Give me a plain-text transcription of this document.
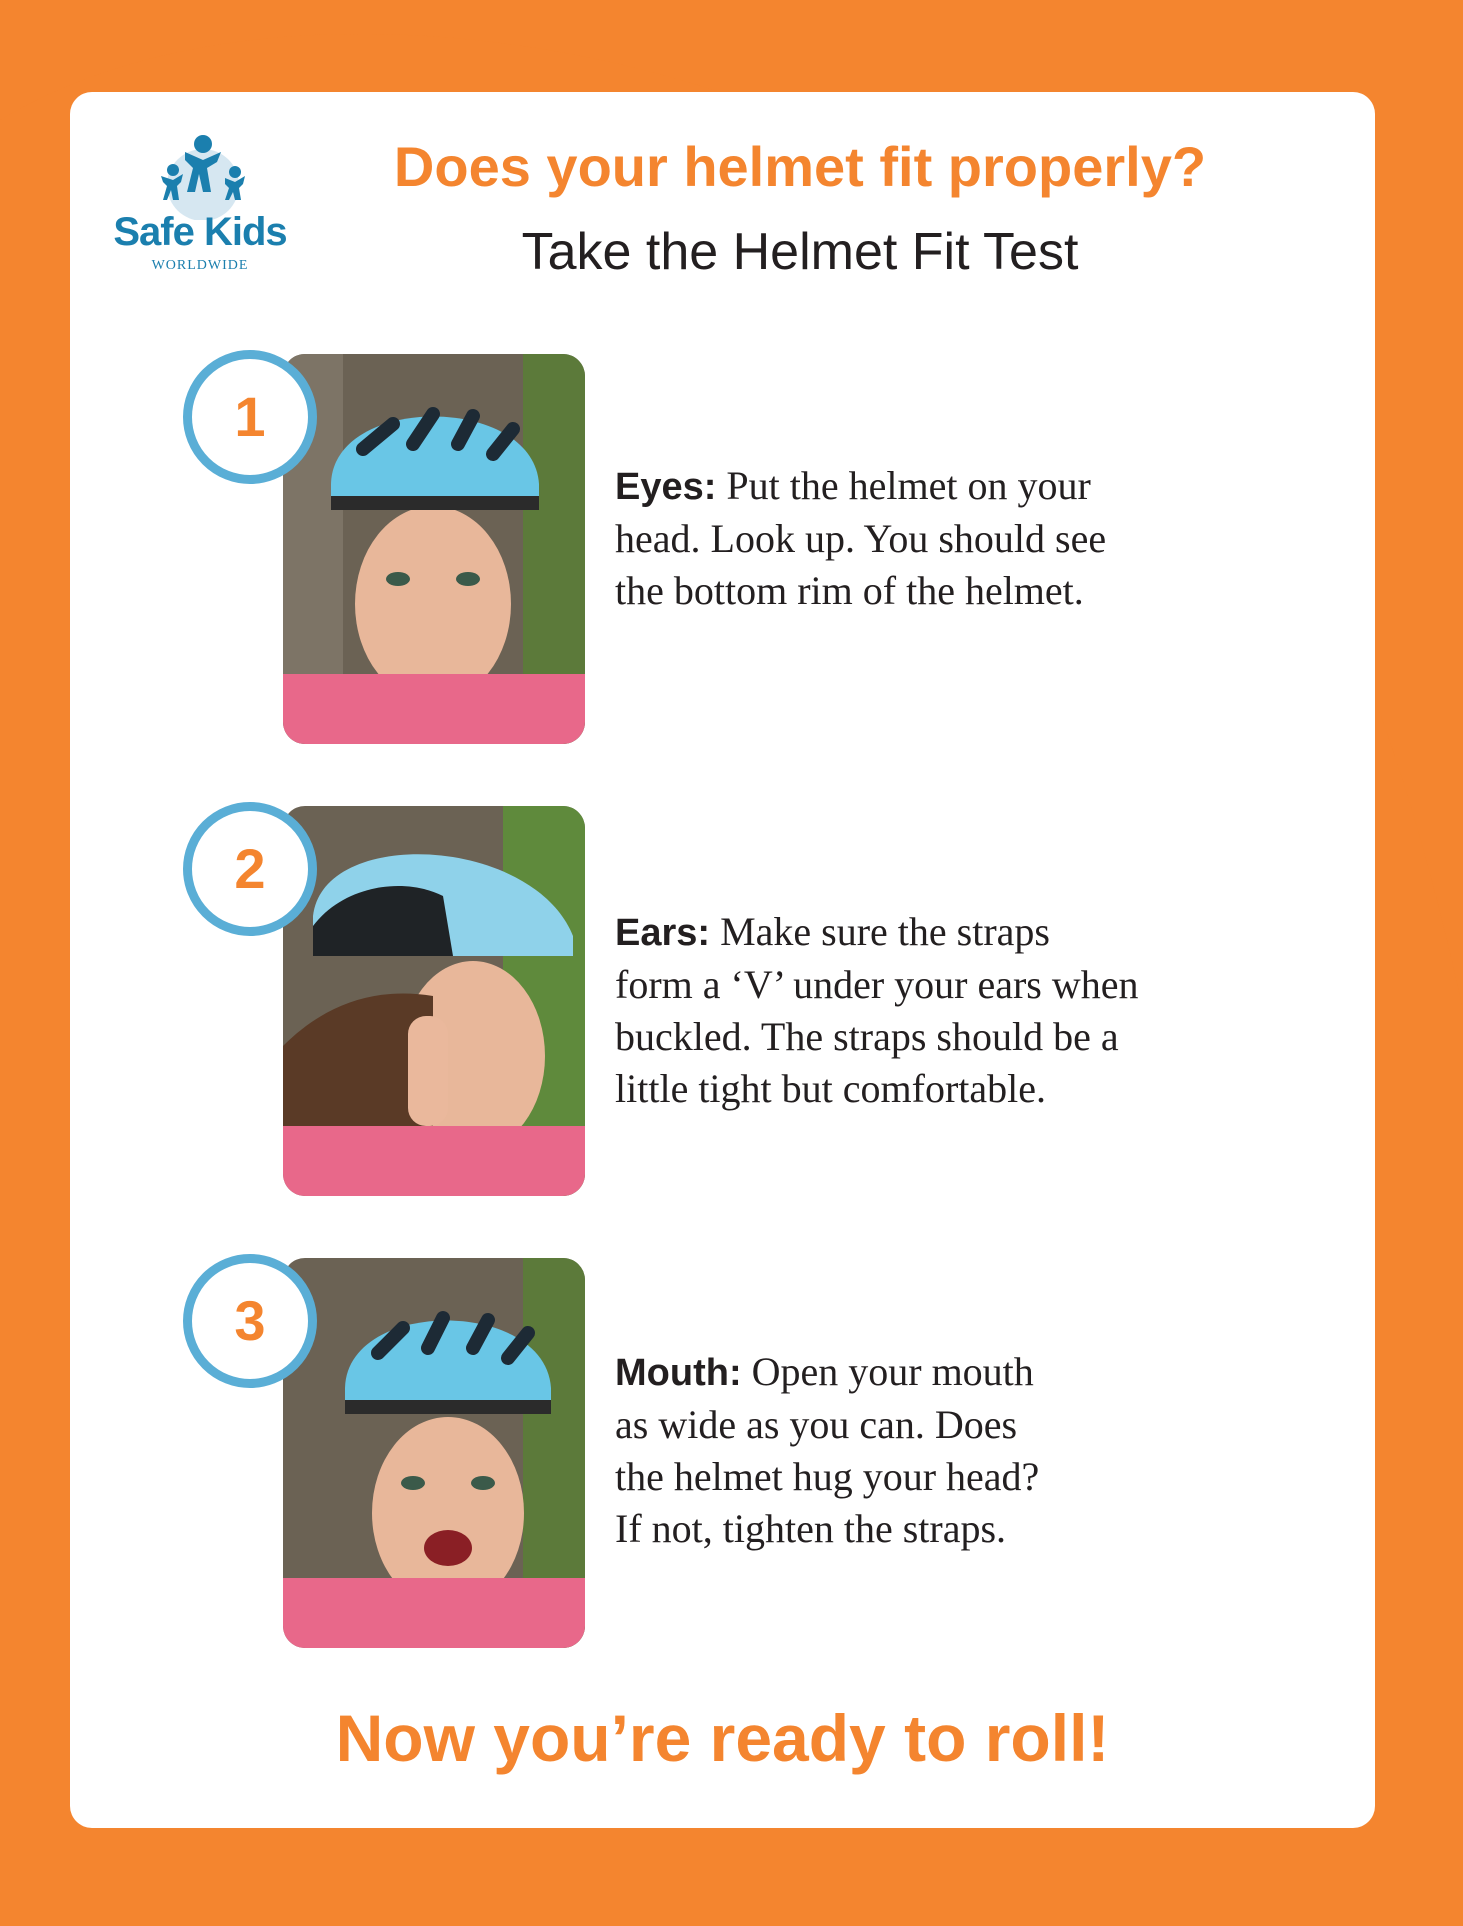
Safe Kids
WORLDWIDE
Does your helmet fit properly?
Take the Helmet Fit Test
1
Eyes: Put the helmet on your
head. Look up. You should see
the bottom rim of the helmet.
2
Ears: Make sure the straps
form a ‘V’ under your ears when
buckled. The straps should be a
little tight but comfortable.
3
Mouth: Open your mouth
as wide as you can. Does
the helmet hug your head?
If not, tighten the straps.
Now you’re ready to roll!
